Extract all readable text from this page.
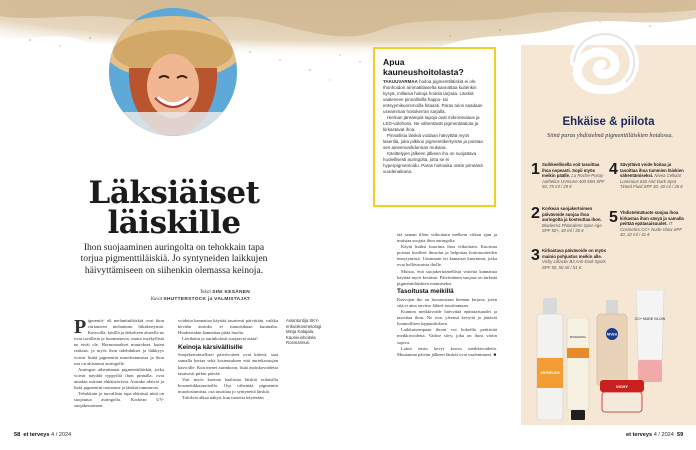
Läksiäiset
läiskille
Ihon suojaaminen auringolta on tehokkain tapa torjua pigmenttiläiskiä. Jo syntyneiden laikkujen häivyttämiseen on siihenkin olemassa keinoja.
Teksti SINI KESÄNEN
Kuvat SHUTTERSTOCK ja VALMISTAJAT
P igmentti- eli melaniiniläiskät ovat ihon väriaineen melaniinin liikakertymiä. Kasvoilla, käsillä ja dekolteen alueella ne ovat tavallisia ja huomattavia, mutta myrkyllisiä ne eivät ole. Hormonaaliset muutokset, kuten raskaus, ja myös ihon tulehdukset ja läikkyys voivat lisätä pigmentin muodostumista ja ihon osa on altistunut auringolle.

Auringon aiheuttamat pigmenttiläiskät, jotka voivat näyttää ryppyiltä ihon pinnalla, ovat ainakin osittain ehkäistävissä. Aurinko aktivoi ja lisää pigmentin tuotantoa ja läiskät tummuvat.

Tehokkain ja turvallisin tapa ehkäistä niitä on suojautua auringolta. Korkean UV-suojakertoimen

voidetta kannattaa käyttää tasaisesti päivittäin, vaikka kevään aurinko ei tuntuisikaan kuumalta. Huuleistakin kannattaa pitää huolta.

Lierihattu ja aurinkolasit suojaavat asiaa!

Keinoja kärsivällisille

Suojakertoimelliset päivävoiteet ovat kätevä, saat samalla kertaa sekä kosteutuksen että aurinkosuojan kasvoille. Kun menet aurinkoon, lisää aurinkovoidetta tasaisesti pitkin päivää.

Voit myös koettaa haalistaa läiskiä erilaisilla kosmetiikkatuotteilla. Osa vähentää pigmentin muodostumista, osa tasoittaa jo syntyneitä läiskiä.

Tuloksia alkaa näkyä, kun tuotetta käytetään

Asiantuntija SKY-erikoiskosmetologi Minja Katajala, Kauneushoitola Rosmarinus.
58 et terveys 4 / 2024
Apua kauneushoitolasta?

TAKUUVARMAA hoitoa pigmenttiläiskiä ei ole. Ihonhoidon ammattilaiselta kannattaa kuitenkin kysyä, millaisia hoitoja hoitola tarjoaa. Läiskiä vaaleneve pinnallisilla happo- tai entsyymikuorinnoilla hitaasti. Paras tulos saadaan useamman hoitokerran sarjalla.

Hieman järeämpiä tapoja ovat mikroneulaus ja LED-valohoito. Ne vähentävät pigmentaatiota ja kirkastavat ihoa.

Pinnallisia läiskiä voidaan häivyttää myös laserilla, joka pilkkoo pigmenttikertymän ja poistaa sen aineenvaihdunnan mukana.

Käsittelyjen jälkeen jälkeen iho on suojattava huolellisesti auringolta, jotta se ei hyperpigmentoidu. Paras hoitoaika onkin pimeänä vuodenaikana.

tää saman illoin viikoittain melkein viikon ajan ja muistaa suojata ihon auringolta.

Käytä lisäksi kuorinta ihoa viikoittain. Kuorinta poistaa kuolleet ihosolut ja helpottaa hoitotuotteiden imeytymistä. Uusinnain eri kantaiset kuorinnat, jotka ovat hellävaraisia iholle.

Muista, että suojakertoimellisia voiteita kannattaa käyttää myös kesäisin. Päivittäinen suojaus on tärkeää pigmenttiläiskien estämiseksi.

Tasoitusta meikillä

Kasvojen iho on luonnostaan hieman kirjava, joten sitä ei aina tarvitse lähteä tasoittamaan.

Kunnon meikkivoide häivyttää epätasaisuudet ja tasoittaa ihon. Ne ovat yleensä kevyitä ja jättävät luonnollisen lopputuloksen.

Laikkuisempaan ihoon voi kokeilla peittävää meikkivoidetta. Valitse sävy, joka on ihosi väriin sopiva.

Laitta ensin kevyt kerros meikkivoidetta. Muutaman päivän jälkeen läiskät ovat vaalentuneet. ■

Ehkäise & piilota
Siinä paras yhdistelmä pigmenttiläiskien hoidossa.
1 Suihkeellisella voit tasoittaa ihoa nopeasti. Sopii myös meikin päälle. La Roche-Posay Anthelios UVmune 400 Mist SPF 50, 75 ml / 29 €
2 Korkean suojakertoimen päivävoide suojaa ihoa auringolta ja kosteuttaa ihon. Bioderma Photoderm Spot-Age SPF 50+, 40 ml / 35 €
3 Kirkastava päivävoide on myös mainio pohjustus meikin alle. Vichy Liftactiv B3 Anti-Dark Spots SPF 50, 50 ml / 51 €
4 Sävyttävä voide hoitaa ja tasoittaa ihoa tummien läiskien vähentämiseksi. Nivea Cellular Luminous 630 Anti-Dark Spot Tinted Fluid SPF 30, 40 ml / 26 €
5 Yhdistelmätuote suojaa ihoa kirkastaa ihon sävyä ja samalla peittää epätasaisuudet. IT Cosmetics CC+ Nude Glow SPF 40, 32 ml / 41 €
ANTHELIOS
BIODERMA
NIVEA
CC+ NUDE GLOW
VICHY
et terveys 4 / 2024 59
